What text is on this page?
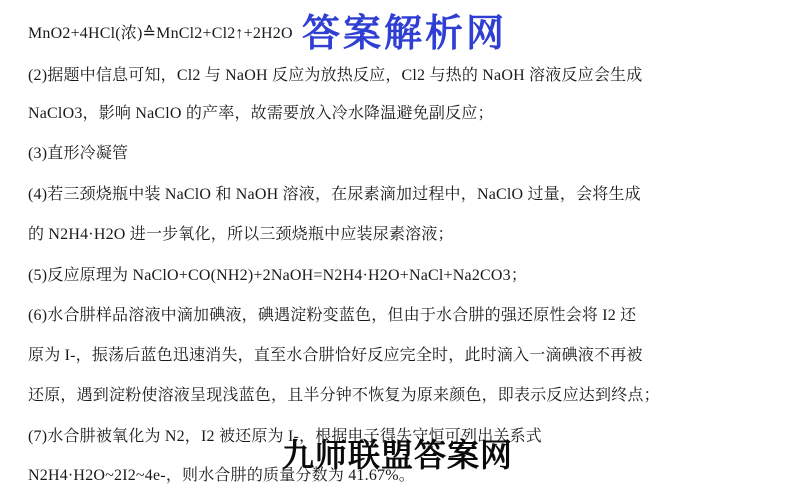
MnO2+4HCl(浓)≙MnCl2+Cl2↑+2H2O
(2)据题中信息可知，Cl2 与 NaOH 反应为放热反应，Cl2 与热的 NaOH 溶液反应会生成
NaClO3，影响 NaClO 的产率，故需要放入冷水降温避免副反应；
(3)直形冷凝管
(4)若三颈烧瓶中装 NaClO 和 NaOH 溶液，在尿素滴加过程中，NaClO 过量，会将生成
的 N2H4·H2O 进一步氧化，所以三颈烧瓶中应装尿素溶液；
(5)反应原理为 NaClO+CO(NH2)+2NaOH=N2H4·H2O+NaCl+Na2CO3；
(6)水合肼样品溶液中滴加碘液，碘遇淀粉变蓝色，但由于水合肼的强还原性会将 I2 还
原为 I-，振荡后蓝色迅速消失，直至水合肼恰好反应完全时，此时滴入一滴碘液不再被
还原，遇到淀粉使溶液呈现浅蓝色，且半分钟不恢复为原来颜色，即表示反应达到终点；
(7)水合肼被氧化为 N2，I2 被还原为 I-，根据电子得失守恒可列出关系式
N2H4·H2O~2I2~4e-，则水合肼的质量分数为 41.67%。
答案解析网
九师联盟答案网
